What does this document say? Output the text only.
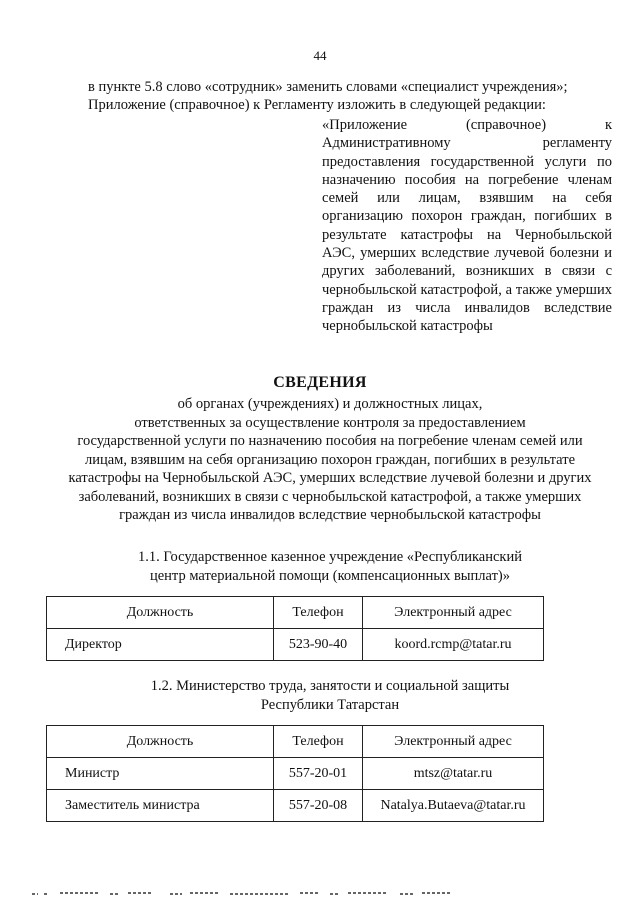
44
в пункте 5.8 слово «сотрудник» заменить словами «специалист учреждения»;
Приложение (справочное) к Регламенту изложить в следующей редакции:
«Приложение (справочное) к Административному регламенту предоставления государственной услуги по назначению пособия на погребение членам семей или лицам, взявшим на себя организацию похорон граждан, погибших в результате катастрофы на Чернобыльской АЭС, умерших вследствие лучевой болезни и других заболеваний, возникших в связи с чернобыльской катастрофой, а также умерших граждан из числа инвалидов вследствие чернобыльской катастрофы
СВЕДЕНИЯ
об органах (учреждениях) и должностных лицах,
ответственных за осуществление контроля за предоставлением
государственной услуги по назначению пособия на погребение членам семей или
лицам, взявшим на себя организацию похорон граждан, погибших в результате
катастрофы на Чернобыльской АЭС, умерших вследствие лучевой болезни и других
заболеваний, возникших в связи с чернобыльской катастрофой, а также умерших
граждан из числа инвалидов вследствие чернобыльской катастрофы
1.1. Государственное казенное учреждение «Республиканский
центр материальной помощи (компенсационных выплат)»
Должность	Телефон	Электронный адрес
Директор	523-90-40	koord.rcmp@tatar.ru
1.2. Министерство труда, занятости и социальной защиты
Республики Татарстан
Должность	Телефон	Электронный адрес
Министр	557-20-01	mtsz@tatar.ru
Заместитель министра	557-20-08	Natalya.Butaeva@tatar.ru
